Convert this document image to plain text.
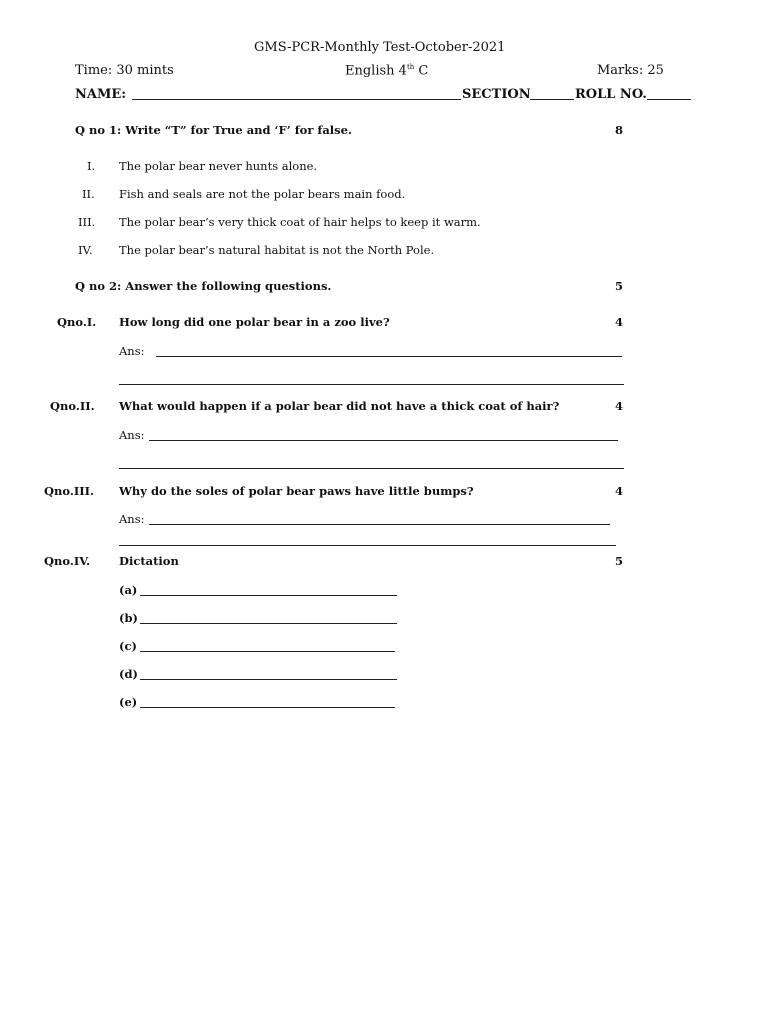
GMS-PCR-Monthly Test-October-2021
Time: 30 mints	English 4th C	Marks: 25
NAME:	SECTION	ROLL NO.
Q no 1: Write “T” for True and ‘F’ for false.	8
I. The polar bear never hunts alone.
II. Fish and seals are not the polar bears main food.
III. The polar bear’s very thick coat of hair helps to keep it warm.
IV. The polar bear’s natural habitat is not the North Pole.
Q no 2: Answer the following questions.	5
Qno.I. How long did one polar bear in a zoo live?	4
Ans:
Qno.II. What would happen if a polar bear did not have a thick coat of hair?	4
Ans:
Qno.III. Why do the soles of polar bear paws have little bumps?	4
Ans:
Qno.IV.	Dictation	5
(a)
(b)
(c)
(d)
(e)
